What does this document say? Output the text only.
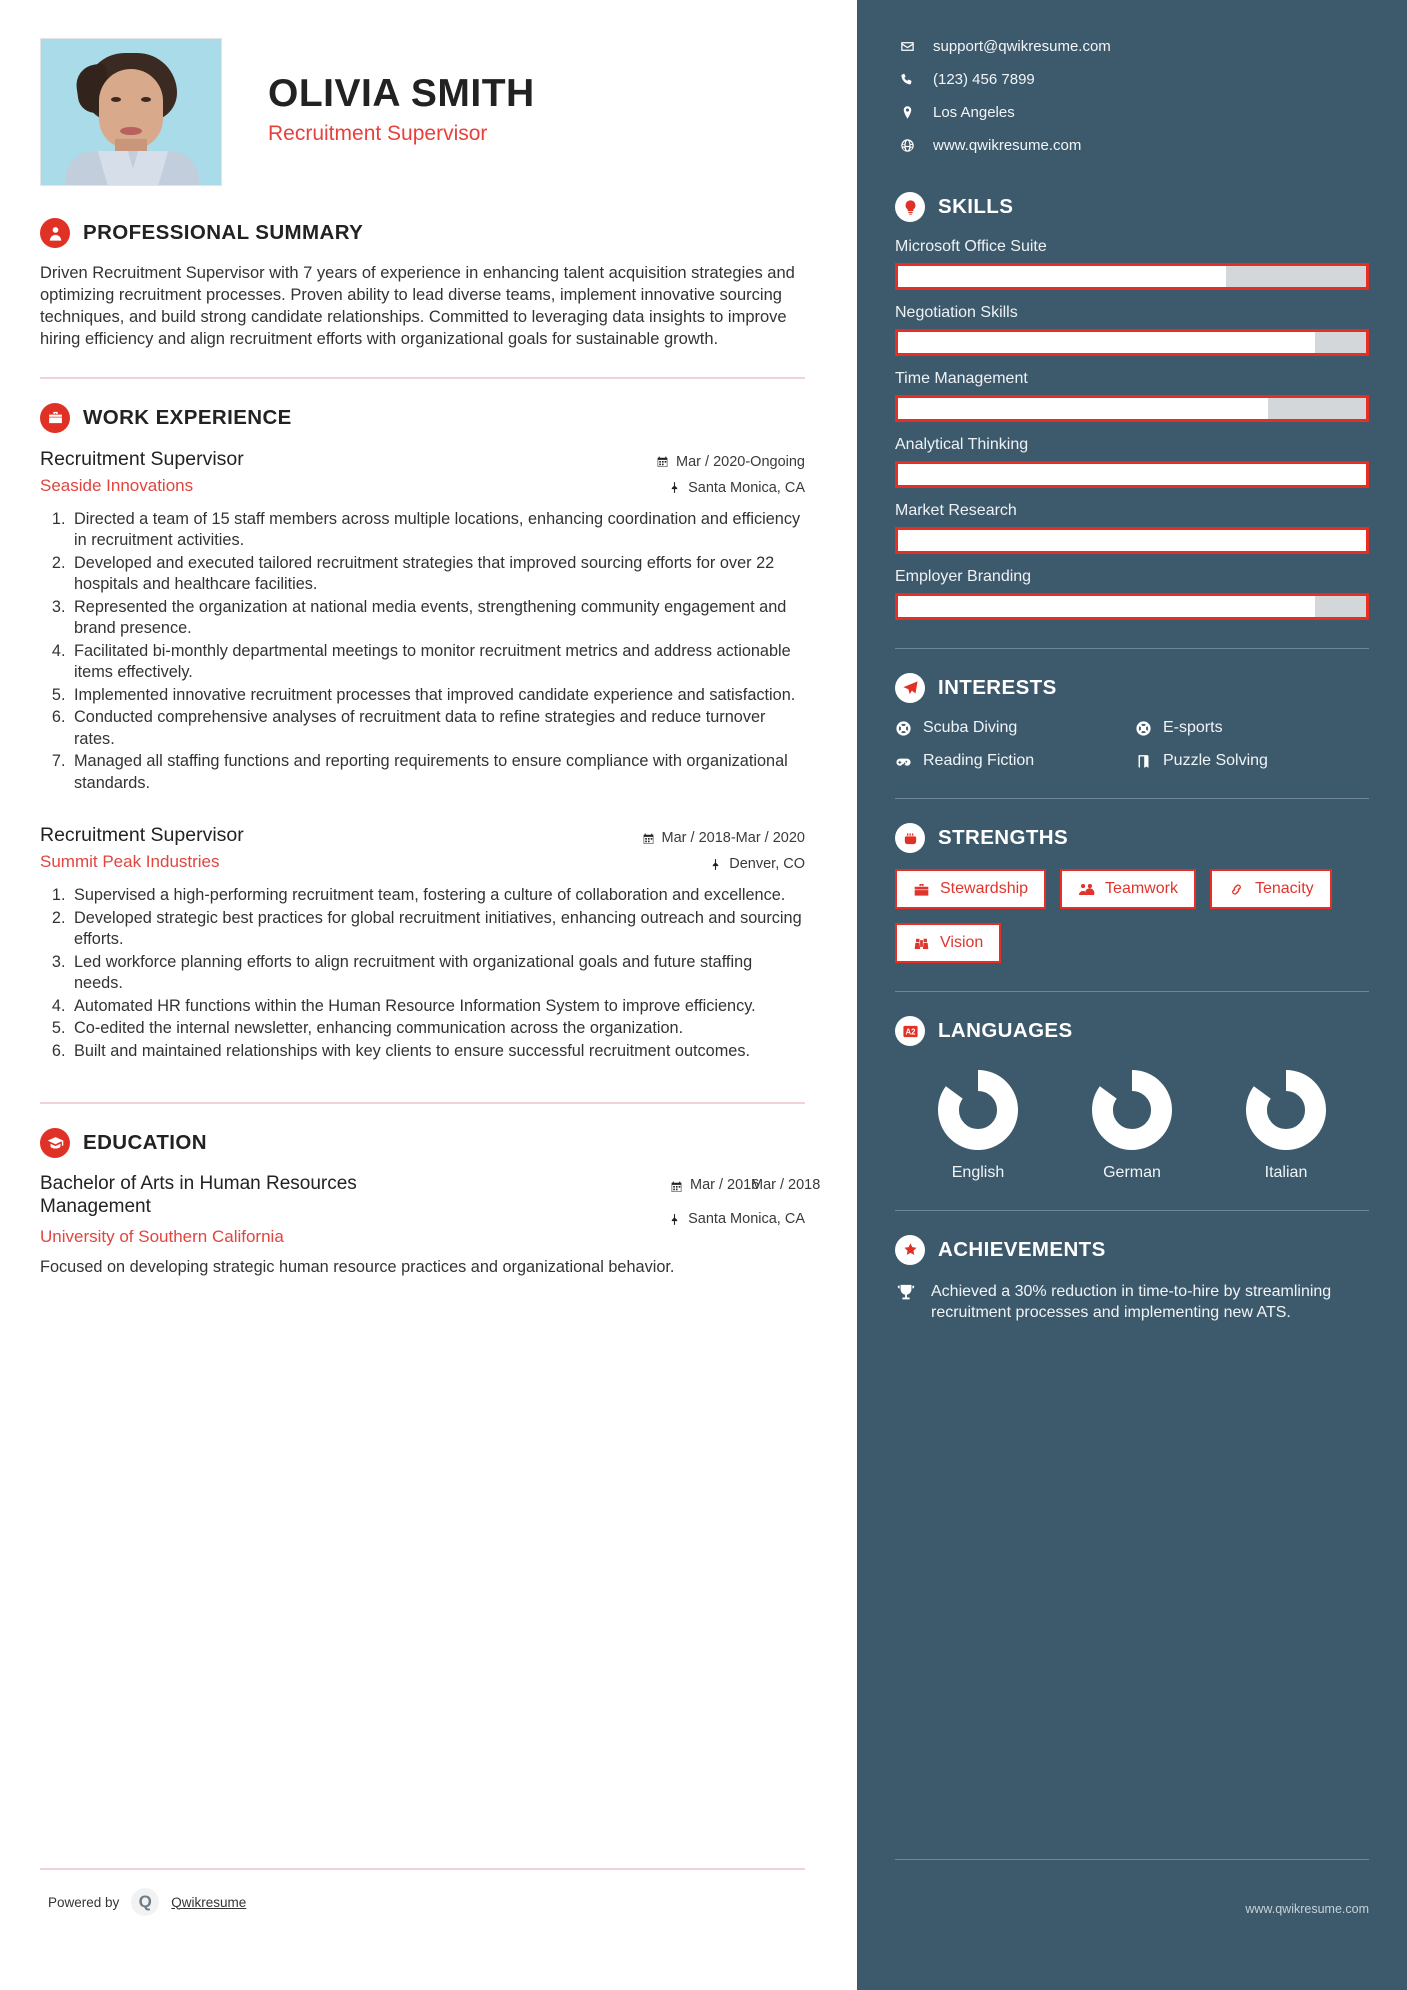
OLIVIA SMITH
Recruitment Supervisor
PROFESSIONAL SUMMARY
Driven Recruitment Supervisor with 7 years of experience in enhancing talent acquisition strategies and optimizing recruitment processes. Proven ability to lead diverse teams, implement innovative sourcing techniques, and build strong candidate relationships. Committed to leveraging data insights to improve hiring efficiency and align recruitment efforts with organizational goals for sustainable growth.
WORK EXPERIENCE
Recruitment Supervisor
Seaside Innovations
Mar / 2020-Ongoing
Santa Monica, CA
1. Directed a team of 15 staff members across multiple locations, enhancing coordination and efficiency in recruitment activities.
2. Developed and executed tailored recruitment strategies that improved sourcing efforts for over 22 hospitals and healthcare facilities.
3. Represented the organization at national media events, strengthening community engagement and brand presence.
4. Facilitated bi-monthly departmental meetings to monitor recruitment metrics and address actionable items effectively.
5. Implemented innovative recruitment processes that improved candidate experience and satisfaction.
6. Conducted comprehensive analyses of recruitment data to refine strategies and reduce turnover rates.
7. Managed all staffing functions and reporting requirements to ensure compliance with organizational standards.
Recruitment Supervisor
Summit Peak Industries
Mar / 2018-Mar / 2020
Denver, CO
1. Supervised a high-performing recruitment team, fostering a culture of collaboration and excellence.
2. Developed strategic best practices for global recruitment initiatives, enhancing outreach and sourcing efforts.
3. Led workforce planning efforts to align recruitment with organizational goals and future staffing needs.
4. Automated HR functions within the Human Resource Information System to improve efficiency.
5. Co-edited the internal newsletter, enhancing communication across the organization.
6. Built and maintained relationships with key clients to ensure successful recruitment outcomes.
EDUCATION
Bachelor of Arts in Human Resources Management
University of Southern California
Mar / 2016
Mar / 2018
Santa Monica, CA
Focused on developing strategic human resource practices and organizational behavior.
Powered by	Q	Qwikresume
support@qwikresume.com
(123) 456 7899
Los Angeles
www.qwikresume.com
SKILLS
Microsoft Office Suite
Negotiation Skills
Time Management
Analytical Thinking
Market Research
Employer Branding
INTERESTS
Scuba Diving	E-sports
Reading Fiction	Puzzle Solving
STRENGTHS
Stewardship	Teamwork	Tenacity
Vision
A2 LANGUAGES
English	German	Italian
ACHIEVEMENTS
Achieved a 30% reduction in time-to-hire by streamlining recruitment processes and implementing new ATS.
www.qwikresume.com
